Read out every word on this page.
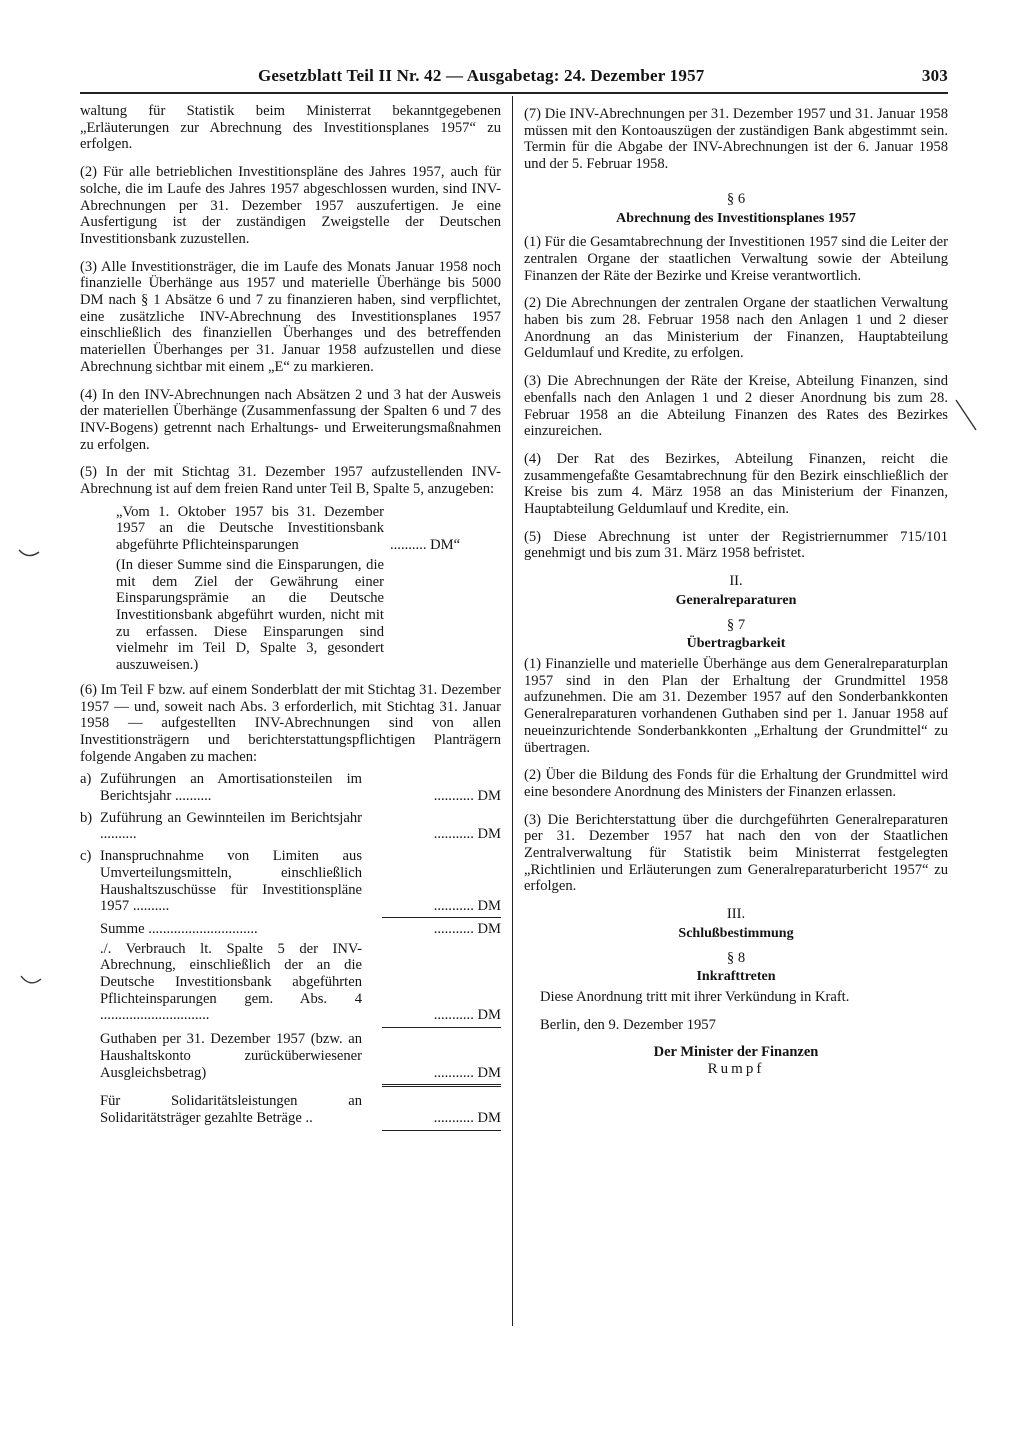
Gesetzblatt Teil II Nr. 42 — Ausgabetag: 24. Dezember 1957	303

waltung für Statistik beim Ministerrat bekanntgegebenen „Erläuterungen zur Abrechnung des Investitionsplanes 1957“ zu erfolgen.

(2) Für alle betrieblichen Investitionspläne des Jahres 1957, auch für solche, die im Laufe des Jahres 1957 abgeschlossen wurden, sind INV-Abrechnungen per 31. Dezember 1957 auszufertigen. Je eine Ausfertigung ist der zuständigen Zweigstelle der Deutschen Investitionsbank zuzustellen.

(3) Alle Investitionsträger, die im Laufe des Monats Januar 1958 noch finanzielle Überhänge aus 1957 und materielle Überhänge bis 5000 DM nach § 1 Absätze 6 und 7 zu finanzieren haben, sind verpflichtet, eine zusätzliche INV-Abrechnung des Investitionsplanes 1957 einschließlich des finanziellen Überhanges und des betreffenden materiellen Überhanges per 31. Januar 1958 aufzustellen und diese Abrechnung sichtbar mit einem „E“ zu markieren.

(4) In den INV-Abrechnungen nach Absätzen 2 und 3 hat der Ausweis der materiellen Überhänge (Zusammenfassung der Spalten 6 und 7 des INV-Bogens) getrennt nach Erhaltungs- und Erweiterungsmaßnahmen zu erfolgen.

(5) In der mit Stichtag 31. Dezember 1957 aufzustellenden INV-Abrechnung ist auf dem freien Rand unter Teil B, Spalte 5, anzugeben:

„Vom 1. Oktober 1957 bis 31. Dezember 1957 an die Deutsche Investitionsbank abgeführte Pflichteinsparungen	.......... DM“
(In dieser Summe sind die Einsparungen, die mit dem Ziel der Gewährung einer Einsparungsprämie an die Deutsche Investitionsbank abgeführt wurden, nicht mit zu erfassen. Diese Einsparungen sind vielmehr im Teil D, Spalte 3, gesondert auszuweisen.)

(6) Im Teil F bzw. auf einem Sonderblatt der mit Stichtag 31. Dezember 1957 — und, soweit nach Abs. 3 erforderlich, mit Stichtag 31. Januar 1958 — aufgestellten INV-Abrechnungen sind von allen Investitionsträgern und berichterstattungspflichtigen Planträgern folgende Angaben zu machen:

a) Zuführungen an Amortisationsteilen im Berichtsjahr ..........	........... DM
b) Zuführung an Gewinnteilen im Berichtsjahr ..........	........... DM
c) Inanspruchnahme von Limiten aus Umverteilungsmitteln, einschließlich Haushaltszuschüsse für Investitionspläne 1957 ..........	........... DM
Summe ..............................	........... DM
./. Verbrauch lt. Spalte 5 der INV-Abrechnung, einschließlich der an die Deutsche Investitionsbank abgeführten Pflichteinsparungen gem. Abs. 4 ..............................	........... DM
Guthaben per 31. Dezember 1957 (bzw. an Haushaltskonto zurücküberwiesener Ausgleichsbetrag)	........... DM
Für Solidaritätsleistungen an Solidaritätsträger gezahlte Beträge ..	........... DM

(7) Die INV-Abrechnungen per 31. Dezember 1957 und 31. Januar 1958 müssen mit den Kontoauszügen der zuständigen Bank abgestimmt sein. Termin für die Abgabe der INV-Abrechnungen ist der 6. Januar 1958 und der 5. Februar 1958.

§ 6
Abrechnung des Investitionsplanes 1957

(1) Für die Gesamtabrechnung der Investitionen 1957 sind die Leiter der zentralen Organe der staatlichen Verwaltung sowie der Abteilung Finanzen der Räte der Bezirke und Kreise verantwortlich.

(2) Die Abrechnungen der zentralen Organe der staatlichen Verwaltung haben bis zum 28. Februar 1958 nach den Anlagen 1 und 2 dieser Anordnung an das Ministerium der Finanzen, Hauptabteilung Geldumlauf und Kredite, zu erfolgen.

(3) Die Abrechnungen der Räte der Kreise, Abteilung Finanzen, sind ebenfalls nach den Anlagen 1 und 2 dieser Anordnung bis zum 28. Februar 1958 an die Abteilung Finanzen des Rates des Bezirkes einzureichen.

(4) Der Rat des Bezirkes, Abteilung Finanzen, reicht die zusammengefaßte Gesamtabrechnung für den Bezirk einschließlich der Kreise bis zum 4. März 1958 an das Ministerium der Finanzen, Hauptabteilung Geldumlauf und Kredite, ein.

(5) Diese Abrechnung ist unter der Registriernummer 715/101 genehmigt und bis zum 31. März 1958 befristet.

II.
Generalreparaturen
§ 7
Übertragbarkeit

(1) Finanzielle und materielle Überhänge aus dem Generalreparaturplan 1957 sind in den Plan der Erhaltung der Grundmittel 1958 aufzunehmen. Die am 31. Dezember 1957 auf den Sonderbankkonten Generalreparaturen vorhandenen Guthaben sind per 1. Januar 1958 auf neueinzurichtende Sonderbankkonten „Erhaltung der Grundmittel“ zu übertragen.

(2) Über die Bildung des Fonds für die Erhaltung der Grundmittel wird eine besondere Anordnung des Ministers der Finanzen erlassen.

(3) Die Berichterstattung über die durchgeführten Generalreparaturen per 31. Dezember 1957 hat nach den von der Staatlichen Zentralverwaltung für Statistik beim Ministerrat festgelegten „Richtlinien und Erläuterungen zum Generalreparaturbericht 1957“ zu erfolgen.

III.
Schlußbestimmung
§ 8
Inkrafttreten

Diese Anordnung tritt mit ihrer Verkündung in Kraft.

Berlin, den 9. Dezember 1957

Der Minister der Finanzen
Rumpf
